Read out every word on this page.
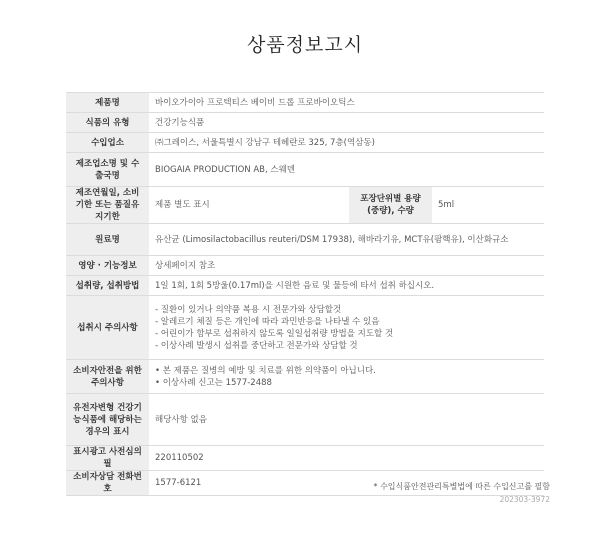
상품정보고시
제품명	바이오가이아 프로텍티스 베이비 드롭 프로바이오틱스		
식품의 유형	건강기능식품		
수입업소	㈜그레이스, 서울특별시 강남구 테헤란로 325, 7층(역삼동)		
제조업소명 및 수출국명	BIOGAIA PRODUCTION AB, 스웨덴		
제조연월일, 소비기한 또는 품질유지기한	제품 별도 표시	포장단위별 용량(중량), 수량	5ml
원료명	유산균 (Limosilactobacillus reuteri/DSM 17938), 해바라기유, MCT유(팜핵유), 이산화규소		
영양 · 기능정보	상세페이지 참조		
섭취량, 섭취방법	1일 1회, 1회 5방울(0.17ml)을 시원한 음료 및 물등에 타서 섭취 하십시오.		
섭취시 주의사항	- 질환이 있거나 의약품 복용 시 전문가와 상담할것
- 알레르기 체질 등은 개인에 따라 과민반응을 나타낼 수 있음
- 어린이가 함부로 섭취하지 않도록 일일섭취량 방법을 지도할 것
- 이상사례 발생시 섭취를 중단하고 전문가와 상담할 것		

소비자안전을 위한 주의사항	• 본 제품은 질병의 예방 및 치료를 위한 의약품이 아닙니다.
• 이상사례 신고는 1577-2488		

유전자변형 건강기능식품에 해당하는 경우의 표시	해당사항 없음		
표시광고 사전심의필	220110502		
소비자상담 전화번호	1577-6121			* 수입식품안전관리특별법에 따른 수입신고를 필함
202303-3972
